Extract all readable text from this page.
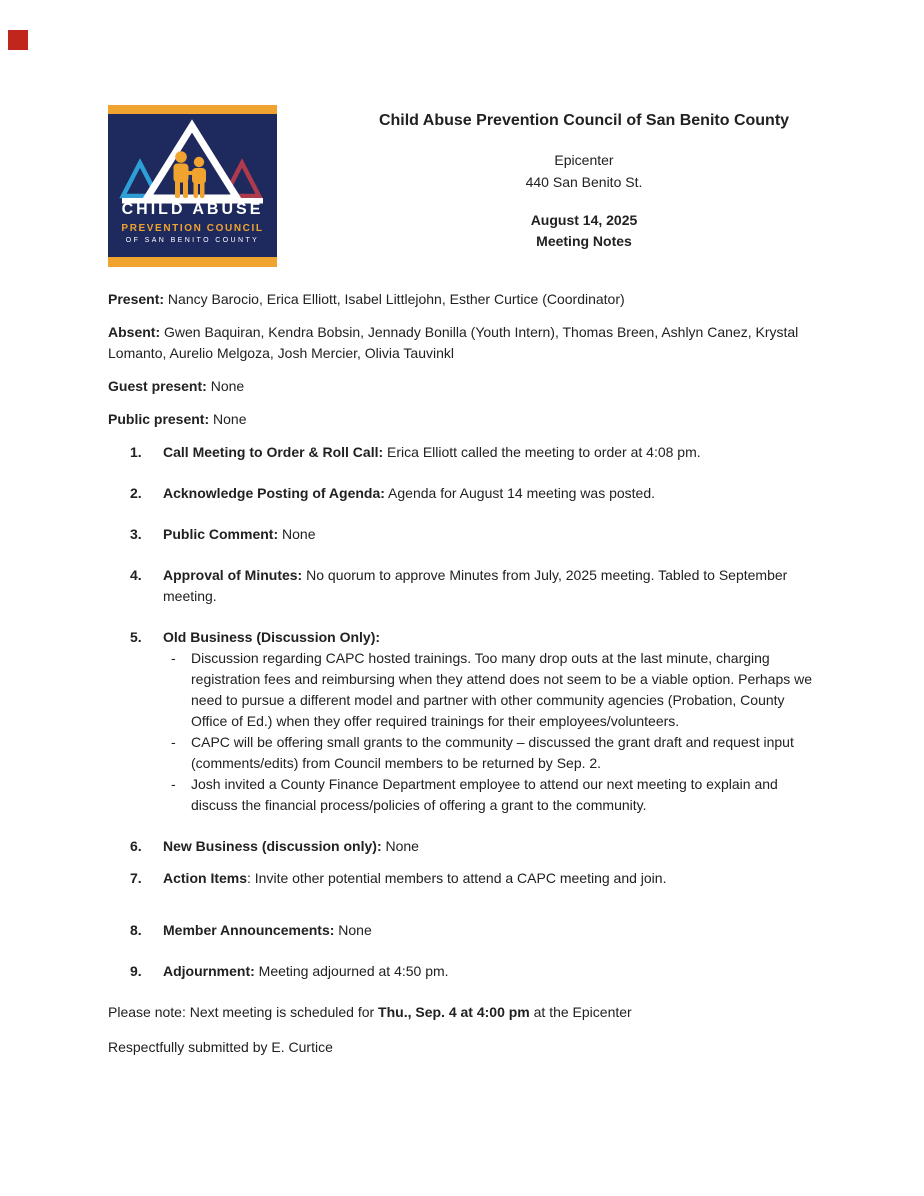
CHILD ABUSE
PREVENTION COUNCIL
OF SAN BENITO COUNTY
Child Abuse Prevention Council of San Benito County
Epicenter
440 San Benito St.
August 14, 2025
Meeting Notes

Present: Nancy Barocio, Erica Elliott, Isabel Littlejohn, Esther Curtice (Coordinator)

Absent: Gwen Baquiran, Kendra Bobsin, Jennady Bonilla (Youth Intern), Thomas Breen, Ashlyn Canez, Krystal Lomanto, Aurelio Melgoza, Josh Mercier, Olivia Tauvinkl

Guest present: None

Public present: None

1.	Call Meeting to Order & Roll Call: Erica Elliott called the meeting to order at 4:08 pm.
2.	Acknowledge Posting of Agenda: Agenda for August 14 meeting was posted.
3.	Public Comment: None
4.	Approval of Minutes: No quorum to approve Minutes from July, 2025 meeting. Tabled to September meeting.
5.	Old Business (Discussion Only):
-	Discussion regarding CAPC hosted trainings. Too many drop outs at the last minute, charging registration fees and reimbursing when they attend does not seem to be a viable option. Perhaps we need to pursue a different model and partner with other community agencies (Probation, County Office of Ed.) when they offer required trainings for their employees/volunteers.
-	CAPC will be offering small grants to the community – discussed the grant draft and request input (comments/edits) from Council members to be returned by Sep. 2.
-	Josh invited a County Finance Department employee to attend our next meeting to explain and discuss the financial process/policies of offering a grant to the community.
6.	New Business (discussion only): None
7.	Action Items: Invite other potential members to attend a CAPC meeting and join.
8.	Member Announcements: None
9.	Adjournment: Meeting adjourned at 4:50 pm.

Please note: Next meeting is scheduled for Thu., Sep. 4 at 4:00 pm at the Epicenter

Respectfully submitted by E. Curtice
